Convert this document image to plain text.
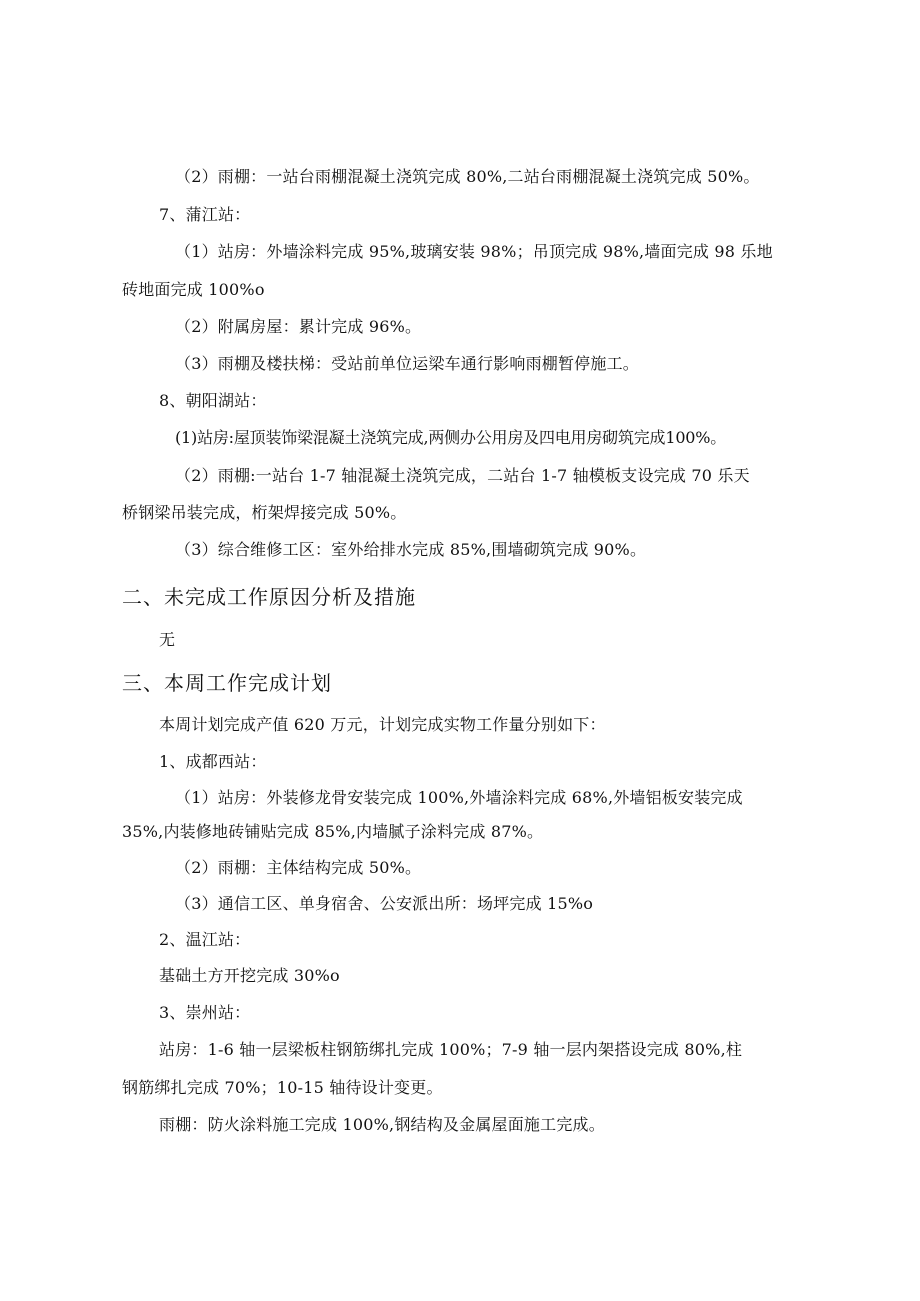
（2）雨棚：一站台雨棚混凝土浇筑完成 80%,二站台雨棚混凝土浇筑完成 50%。
7、蒲江站：
（1）站房：外墙涂料完成 95%,玻璃安装 98%；吊顶完成 98%,墙面完成 98 乐地
砖地面完成 100%o
（2）附属房屋：累计完成 96%。
（3）雨棚及楼扶梯：受站前单位运梁车通行影响雨棚暂停施工。
8、朝阳湖站：
(1)站房:屋顶装饰梁混凝土浇筑完成,两侧办公用房及四电用房砌筑完成100%。
（2）雨棚:一站台 1-7 轴混凝土浇筑完成，二站台 1-7 轴模板支设完成 70 乐天
桥钢梁吊装完成，桁架焊接完成 50%。
（3）综合维修工区：室外给排水完成 85%,围墙砌筑完成 90%。
二、未完成工作原因分析及措施
无
三、本周工作完成计划
本周计划完成产值 620 万元，计划完成实物工作量分别如下：
1、成都西站：
（1）站房：外装修龙骨安装完成 100%,外墙涂料完成 68%,外墙铝板安装完成
35%,内装修地砖铺贴完成 85%,内墙腻子涂料完成 87%。
（2）雨棚：主体结构完成 50%。
（3）通信工区、单身宿舍、公安派出所：场坪完成 15%o
2、温江站：
基础土方开挖完成 30%o
3、崇州站：
站房：1-6 轴一层梁板柱钢筋绑扎完成 100%；7-9 轴一层内架搭设完成 80%,柱
钢筋绑扎完成 70%；10-15 轴待设计变更。
雨棚：防火涂料施工完成 100%,钢结构及金属屋面施工完成。
